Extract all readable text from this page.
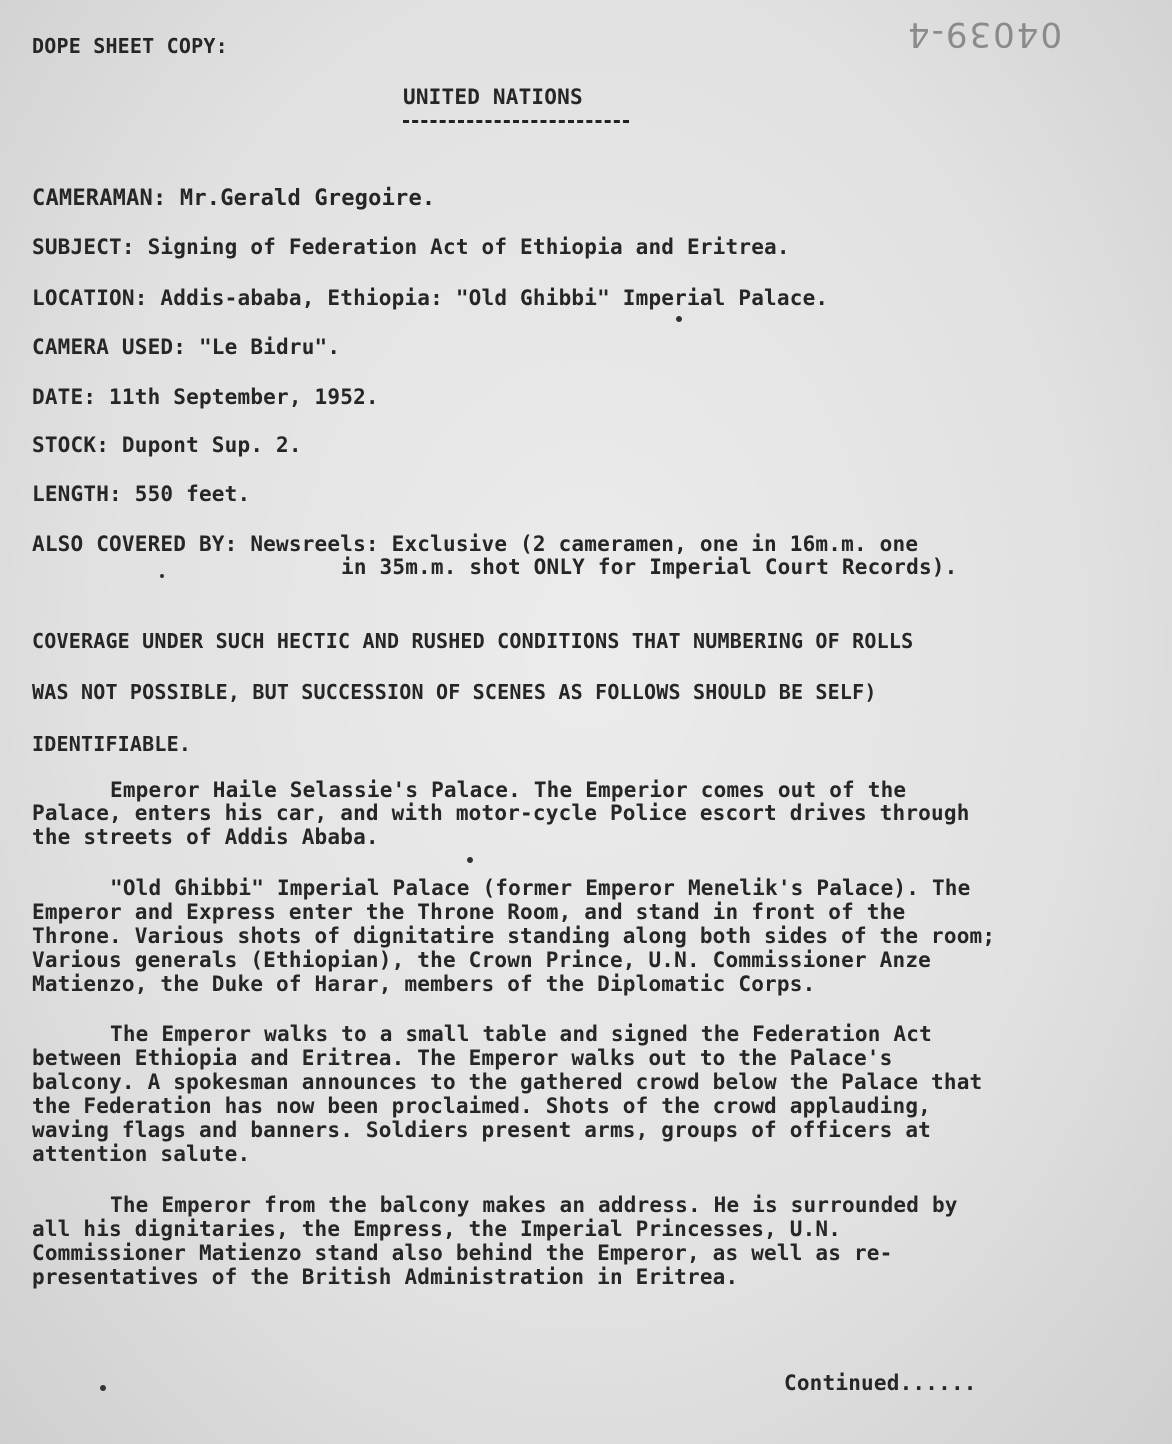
04039-4
DOPE SHEET COPY:
UNITED NATIONS
CAMERAMAN: Mr.Gerald Gregoire.
SUBJECT: Signing of Federation Act of Ethiopia and Eritrea.
LOCATION: Addis-ababa, Ethiopia: "Old Ghibbi" Imperial Palace.
CAMERA USED: "Le Bidru".
DATE: 11th September, 1952.
STOCK: Dupont Sup. 2.
LENGTH: 550 feet.
ALSO COVERED BY: Newsreels: Exclusive (2 cameramen, one in 16m.m. one
in 35m.m. shot ONLY for Imperial Court Records).
COVERAGE UNDER SUCH HECTIC AND RUSHED CONDITIONS THAT NUMBERING OF ROLLS
WAS NOT POSSIBLE, BUT SUCCESSION OF SCENES AS FOLLOWS SHOULD BE SELF)
IDENTIFIABLE.
Emperor Haile Selassie's Palace. The Emperior comes out of the
Palace, enters his car, and with motor-cycle Police escort drives through
the streets of Addis Ababa.
"Old Ghibbi" Imperial Palace (former Emperor Menelik's Palace). The
Emperor and Express enter the Throne Room, and stand in front of the
Throne. Various shots of dignitatire standing along both sides of the room;
Various generals (Ethiopian), the Crown Prince, U.N. Commissioner Anze
Matienzo, the Duke of Harar, members of the Diplomatic Corps.
The Emperor walks to a small table and signed the Federation Act
between Ethiopia and Eritrea. The Emperor walks out to the Palace's
balcony. A spokesman announces to the gathered crowd below the Palace that
the Federation has now been proclaimed. Shots of the crowd applauding,
waving flags and banners. Soldiers present arms, groups of officers at
attention salute.
The Emperor from the balcony makes an address. He is surrounded by
all his dignitaries, the Empress, the Imperial Princesses, U.N.
Commissioner Matienzo stand also behind the Emperor, as well as re-
presentatives of the British Administration in Eritrea.
Continued......
